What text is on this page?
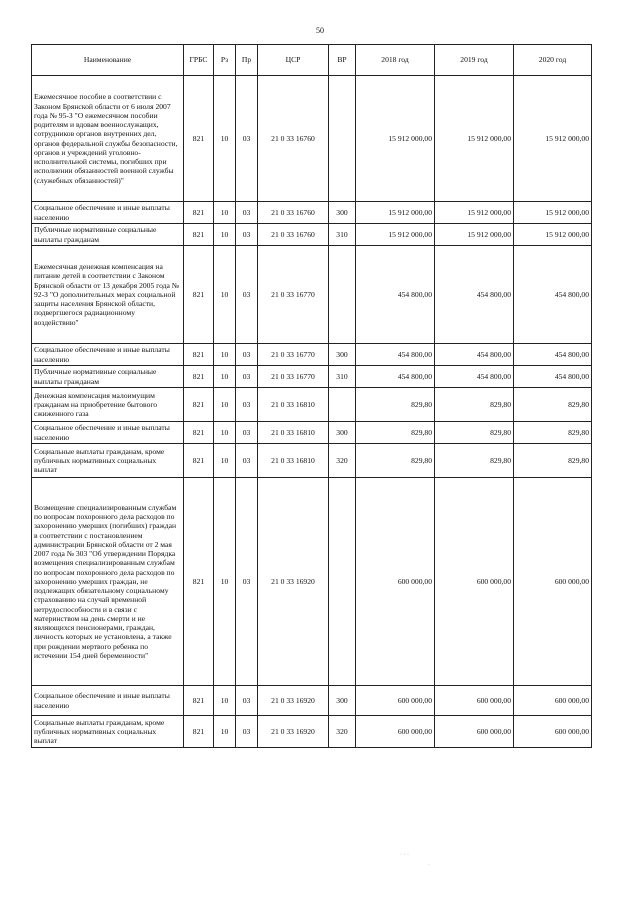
50
Наименование	ГРБС	Рз	Пр	ЦСР	ВР	2018 год	2019 год	2020 год
Ежемесячное пособие в соответствии с Законом Брянской области от 6 июля 2007 года № 95-З "О ежемесячном пособии родителям и вдовам военнослужащих, сотрудников органов внутренних дел, органов федеральной службы безопасности, органов и учреждений уголовно-исполнительной системы, погибших при исполнении обязанностей военной службы (служебных обязанностей)"	821	10	03	21 0 33 16760		15 912 000,00	15 912 000,00	15 912 000,00
Социальное обеспечение и иные выплаты населению	821	10	03	21 0 33 16760	300	15 912 000,00	15 912 000,00	15 912 000,00
Публичные нормативные социальные выплаты гражданам	821	10	03	21 0 33 16760	310	15 912 000,00	15 912 000,00	15 912 000,00
Ежемесячная денежная компенсация на питание детей в соответствии с Законом Брянской области от 13 декабря 2005 года № 92-З "О дополнительных мерах социальной защиты населения Брянской области, подвергшегося радиационному воздействию"	821	10	03	21 0 33 16770		454 800,00	454 800,00	454 800,00
Социальное обеспечение и иные выплаты населению	821	10	03	21 0 33 16770	300	454 800,00	454 800,00	454 800,00
Публичные нормативные социальные выплаты гражданам	821	10	03	21 0 33 16770	310	454 800,00	454 800,00	454 800,00
Денежная компенсация малоимущим гражданам на приобретение бытового сжиженного газа	821	10	03	21 0 33 16810		829,80	829,80	829,80
Социальное обеспечение и иные выплаты населению	821	10	03	21 0 33 16810	300	829,80	829,80	829,80
Социальные выплаты гражданам, кроме публичных нормативных социальных выплат	821	10	03	21 0 33 16810	320	829,80	829,80	829,80
Возмещение специализированным службам по вопросам похоронного дела расходов по захоронению умерших (погибших) граждан в соответствии с постановлением администрации Брянской области от 2 мая 2007 года № 303 "Об утверждении Порядка возмещения специализированным службам по вопросам похоронного дела расходов по захоронению умерших граждан, не подлежащих обязательному социальному страхованию на случай временной нетрудоспособности и в связи с материнством на день смерти и не являющихся пенсионерами, граждан, личность которых не установлена, а также при рождении мертвого ребенка по истечении 154 дней беременности"	821	10	03	21 0 33 16920		600 000,00	600 000,00	600 000,00
Социальное обеспечение и иные выплаты населению	821	10	03	21 0 33 16920	300	600 000,00	600 000,00	600 000,00
Социальные выплаты гражданам, кроме публичных нормативных социальных выплат	821	10	03	21 0 33 16920	320	600 000,00	600 000,00	600 000,00
· · ·
·
